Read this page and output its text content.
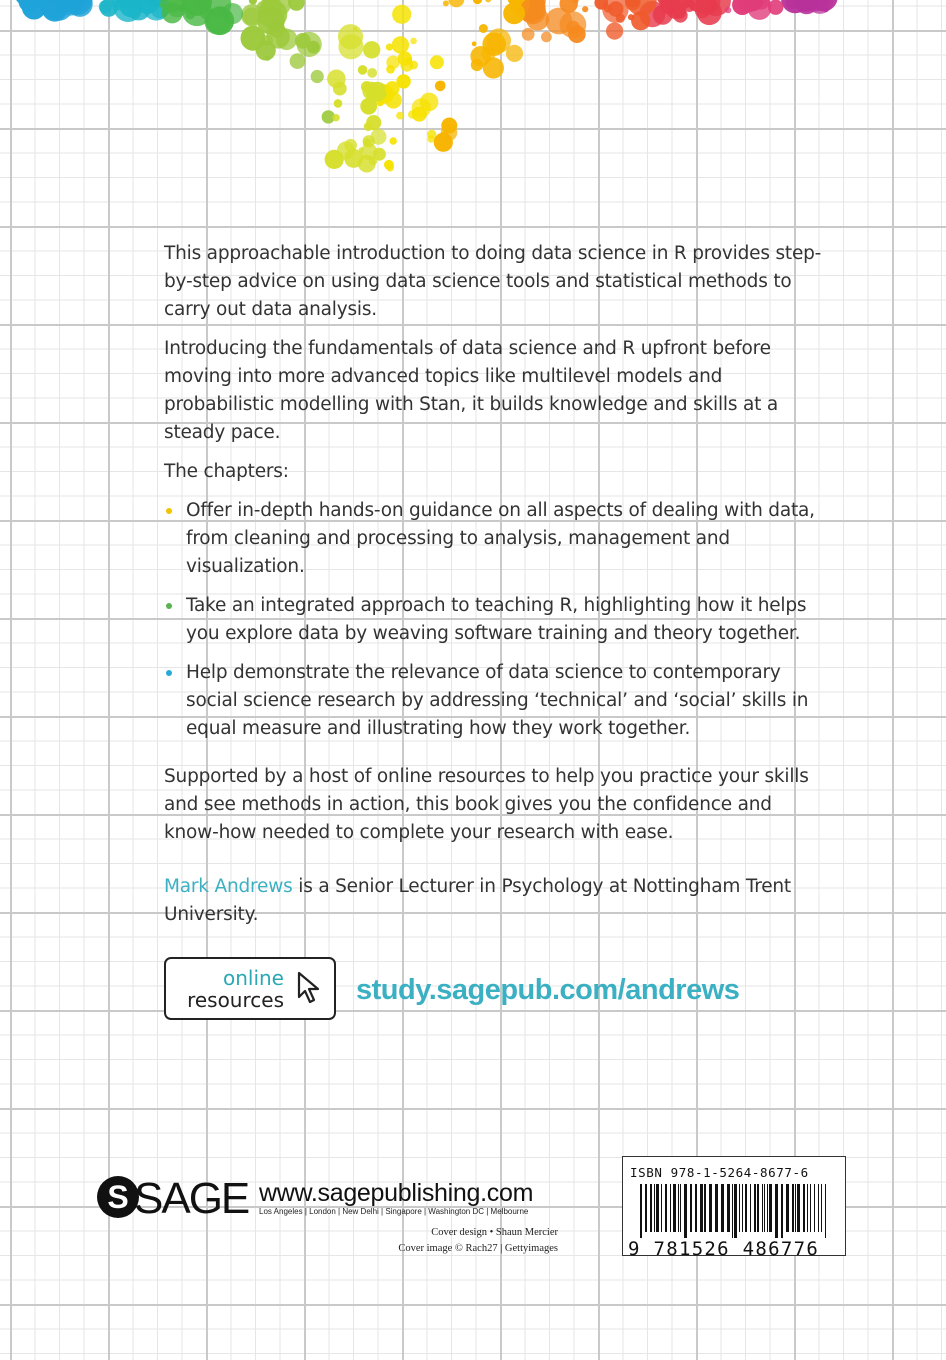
This approachable introduction to doing data science in R provides step-by-step advice on using data science tools and statistical methods to carry out data analysis.

Introducing the fundamentals of data science and R upfront before moving into more advanced topics like multilevel models and probabilistic modelling with Stan, it builds knowledge and skills at a steady pace.

The chapters:

Offer in-depth hands-on guidance on all aspects of dealing with data, from cleaning and processing to analysis, management and visualization.
Take an integrated approach to teaching R, highlighting how it helps you explore data by weaving software training and theory together.
Help demonstrate the relevance of data science to contemporary social science research by addressing ‘technical’ and ‘social’ skills in equal measure and illustrating how they work together.

Supported by a host of online resources to help you practice your skills and see methods in action, this book gives you the confidence and know-how needed to complete your research with ease.

Mark Andrews is a Senior Lecturer in Psychology at Nottingham Trent University.

online
resources study.sagepub.com/andrews
S SAGE www.sagepublishing.com
Los Angeles | London | New Delhi | Singapore | Washington DC | Melbourne
Cover design • Shaun Mercier
Cover image © Rach27 | Gettyimages
ISBN 978-1-5264-8677-6
9 781526 486776
